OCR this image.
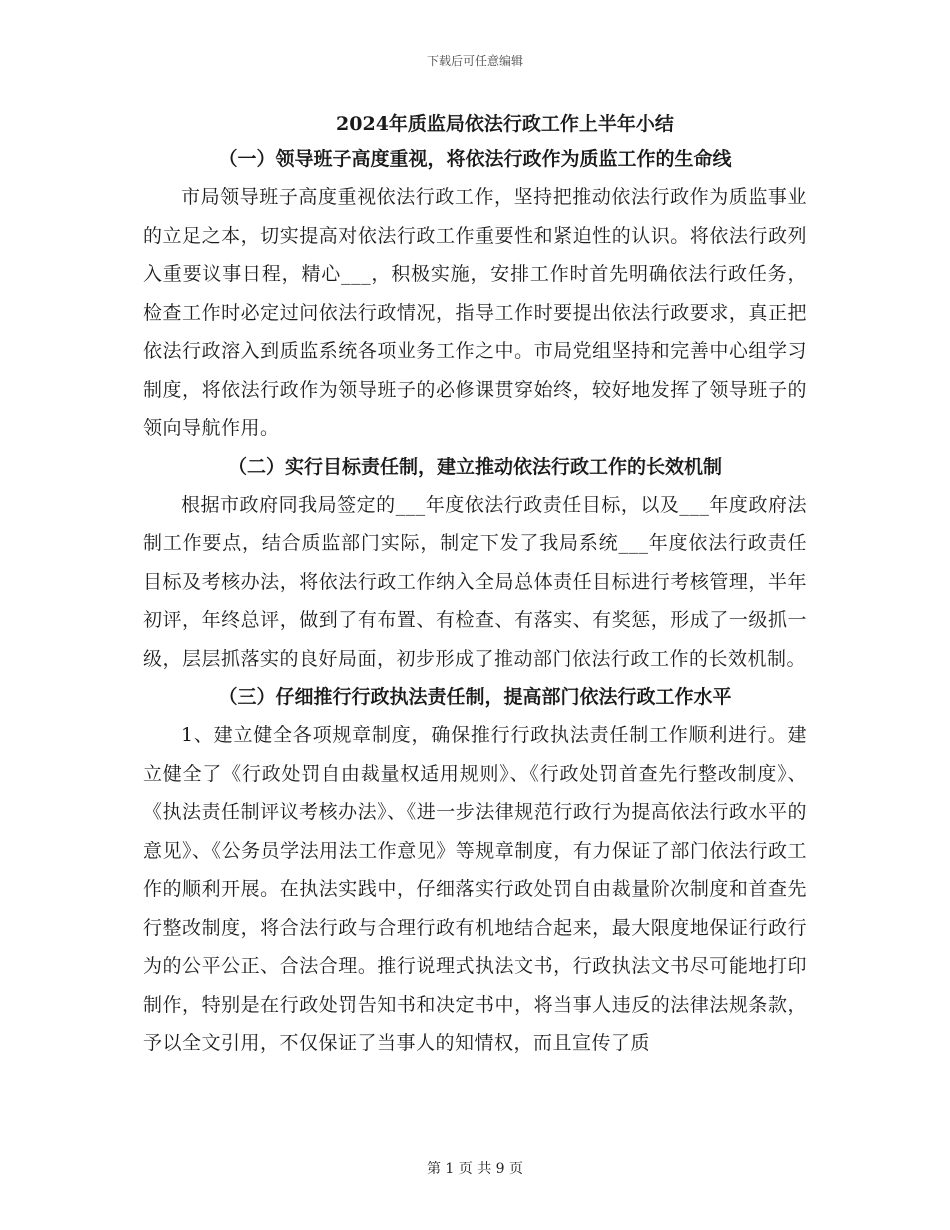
下载后可任意编辑
2024年质监局依法行政工作上半年小结
（一）领导班子高度重视，将依法行政作为质监工作的生命线

市局领导班子高度重视依法行政工作，坚持把推动依法行政作为质监事业的立足之本，切实提高对依法行政工作重要性和紧迫性的认识。将依法行政列入重要议事日程，精心___，积极实施，安排工作时首先明确依法行政任务，检查工作时必定过问依法行政情况，指导工作时要提出依法行政要求，真正把依法行政溶入到质监系统各项业务工作之中。市局党组坚持和完善中心组学习制度，将依法行政作为领导班子的必修课贯穿始终，较好地发挥了领导班子的领向导航作用。

（二）实行目标责任制，建立推动依法行政工作的长效机制

根据市政府同我局签定的___年度依法行政责任目标，以及___年度政府法制工作要点，结合质监部门实际，制定下发了我局系统___年度依法行政责任目标及考核办法，将依法行政工作纳入全局总体责任目标进行考核管理，半年初评，年终总评，做到了有布置、有检查、有落实、有奖惩，形成了一级抓一级，层层抓落实的良好局面，初步形成了推动部门依法行政工作的长效机制。

（三）仔细推行行政执法责任制，提高部门依法行政工作水平

1、建立健全各项规章制度，确保推行行政执法责任制工作顺利进行。建立健全了《行政处罚自由裁量权适用规则》、《行政处罚首查先行整改制度》、《执法责任制评议考核办法》、《进一步法律规范行政行为提高依法行政水平的意见》、《公务员学法用法工作意见》等规章制度，有力保证了部门依法行政工作的顺利开展。在执法实践中，仔细落实行政处罚自由裁量阶次制度和首查先行整改制度，将合法行政与合理行政有机地结合起来，最大限度地保证行政行为的公平公正、合法合理。推行说理式执法文书，行政执法文书尽可能地打印制作，特别是在行政处罚告知书和决定书中，将当事人违反的法律法规条款，予以全文引用，不仅保证了当事人的知情权，而且宣传了质

第 1 页 共 9 页
